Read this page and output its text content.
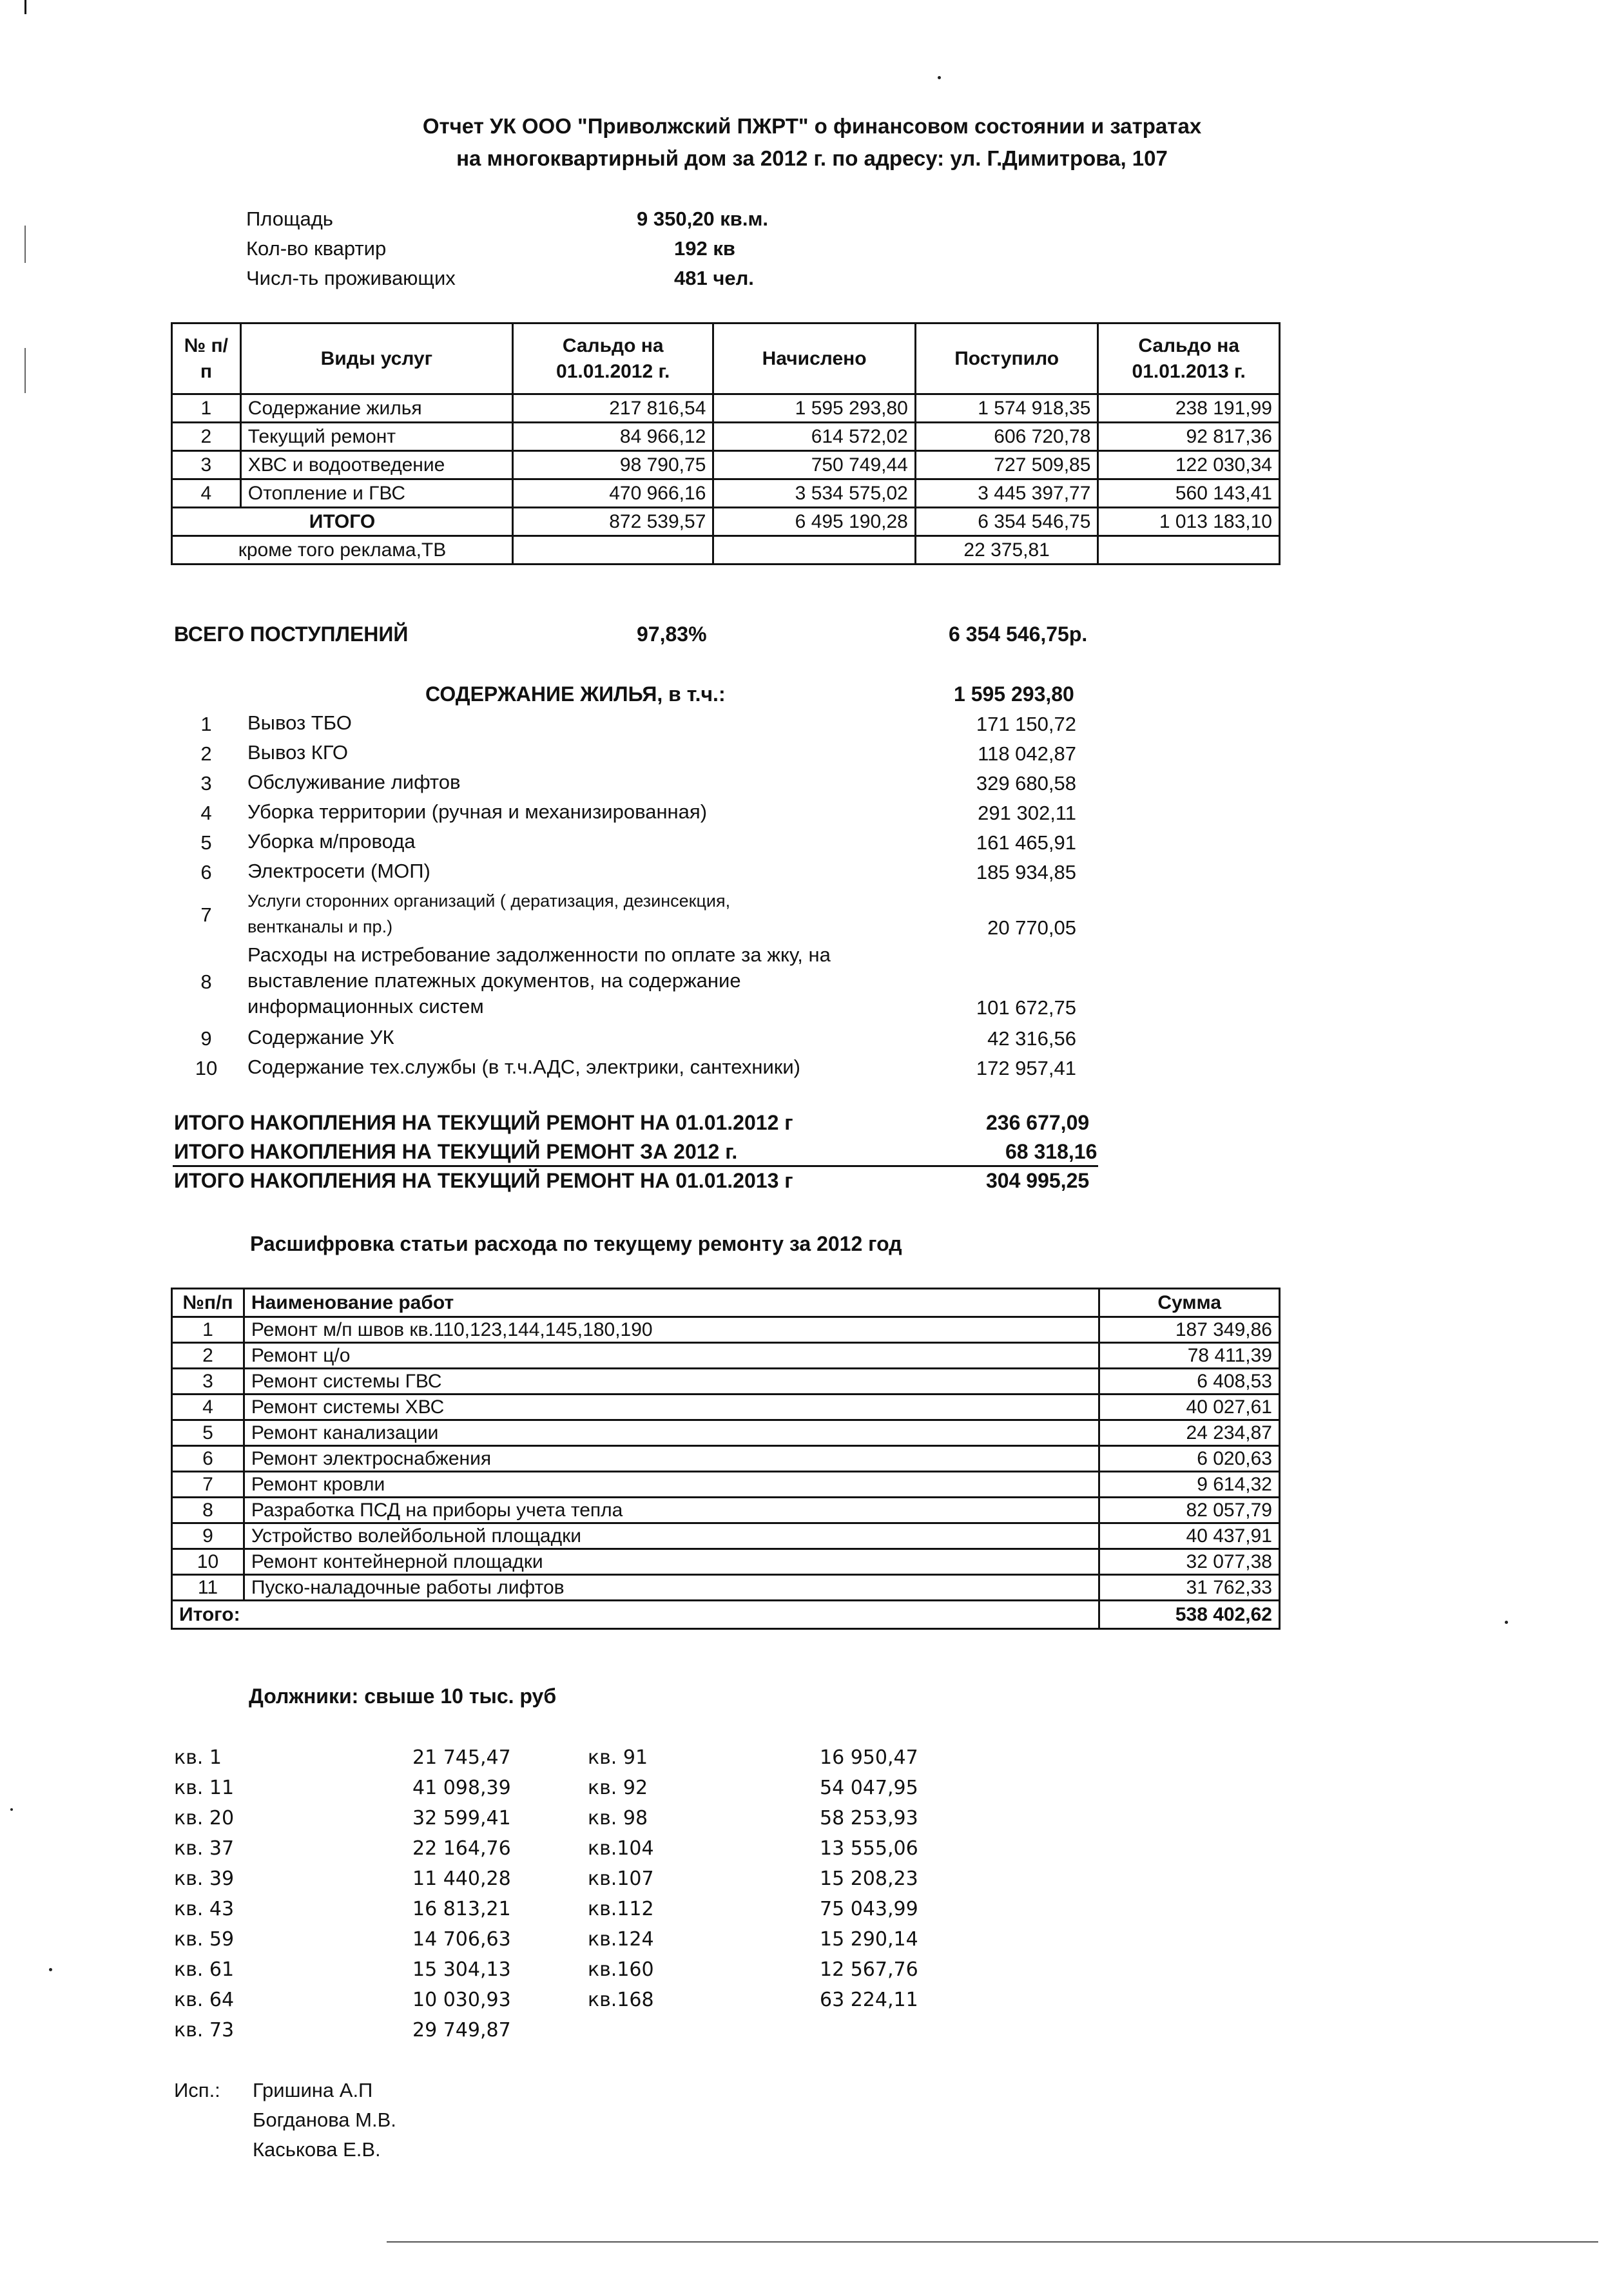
Отчет УК ООО "Приволжский ПЖРТ" о финансовом состоянии и затратах
на многоквартирный дом за 2012 г. по адресу: ул. Г.Димитрова, 107
Площадь	9 350,20 кв.м.
Кол-во квартир	192 кв
Числ-ть проживающих	481 чел.
№ п/п	Виды услуг	Сальдо на 01.01.2012 г.	Начислено	Поступило	Сальдо на 01.01.2013 г.
1	Содержание жилья	217 816,54	1 595 293,80	1 574 918,35	238 191,99
2	Текущий ремонт	84 966,12	614 572,02	606 720,78	92 817,36
3	ХВС и водоотведение	98 790,75	750 749,44	727 509,85	122 030,34
4	Отопление и ГВС	470 966,16	3 534 575,02	3 445 397,77	560 143,41
ИТОГО		872 539,57	6 495 190,28	6 354 546,75	1 013 183,10
кроме того реклама,ТВ				22 375,81	
ВСЕГО ПОСТУПЛЕНИЙ	97,83%	6 354 546,75р.
СОДЕРЖАНИЕ ЖИЛЬЯ, в т.ч.:	1 595 293,80
1	Вывоз ТБО	171 150,72
2	Вывоз КГО	118 042,87
3	Обслуживание лифтов	329 680,58
4	Уборка территории (ручная и механизированная)	291 302,11
5	Уборка м/провода	161 465,91
6	Электросети (МОП)	185 934,85
7
Услуги сторонних организаций ( дератизация, дезинсекция,
вентканалы и пр.)	20 770,05
8
Расходы на истребование задолженности по оплате за жку, на
выставление платежных документов, на содержание
информационных систем	101 672,75
9	Содержание УК	42 316,56
10 Содержание тех.службы (в т.ч.АДС, электрики, сантехники)	172 957,41
ИТОГО НАКОПЛЕНИЯ НА ТЕКУЩИЙ РЕМОНТ НА 01.01.2012 г	236 677,09
ИТОГО НАКОПЛЕНИЯ НА ТЕКУЩИЙ РЕМОНТ ЗА 2012 г.	68 318,16
ИТОГО НАКОПЛЕНИЯ НА ТЕКУЩИЙ РЕМОНТ НА 01.01.2013 г	304 995,25
Расшифровка статьи расхода по текущему ремонту за 2012 год
№п/п	Наименование работ	Сумма
1	Ремонт м/п швов кв.110,123,144,145,180,190	187 349,86
2	Ремонт ц/о	78 411,39
3	Ремонт системы ГВС	6 408,53
4	Ремонт системы ХВС	40 027,61
5	Ремонт канализации	24 234,87
6	Ремонт электроснабжения	6 020,63
7	Ремонт кровли	9 614,32
8	Разработка ПСД на приборы учета тепла	82 057,79
9	Устройство волейбольной площадки	40 437,91
10	Ремонт контейнерной площадки	32 077,38
11	Пуско-наладочные работы лифтов	31 762,33
Итого:		538 402,62
Должники: свыше 10 тыс. руб
кв. 1	21 745,47
кв. 11	41 098,39
кв. 20	32 599,41
кв. 37	22 164,76
кв. 39	11 440,28
кв. 43	16 813,21
кв. 59	14 706,63
кв. 61	15 304,13
кв. 64	10 030,93
кв. 73	29 749,87
кв. 91	16 950,47
кв. 92	54 047,95
кв. 98	58 253,93
кв.104	13 555,06
кв.107	15 208,23
кв.112	75 043,99
кв.124	15 290,14
кв.160	12 567,76
кв.168	63 224,11
Исп.: Гришина А.П
Богданова М.В.
Каськова Е.В.
